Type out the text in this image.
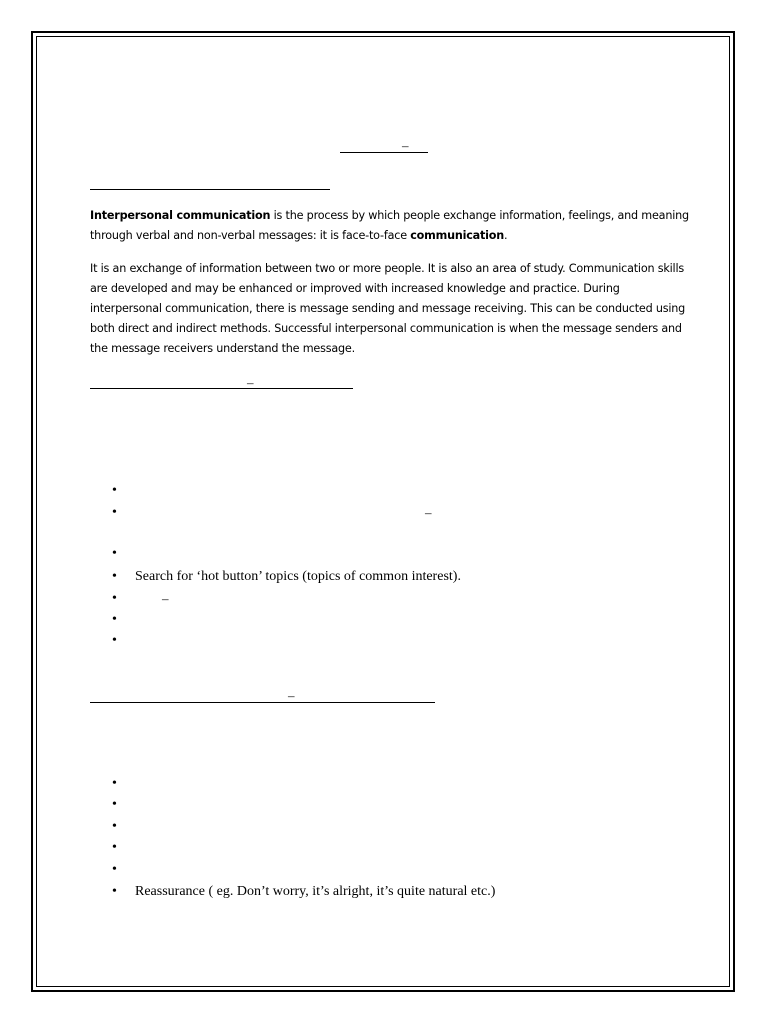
–

Interpersonal communication is the process by which people exchange information, feelings, and meaning through verbal and non-verbal messages: it is face-to-face communication.

It is an exchange of information between two or more people. It is also an area of study. Communication skills are developed and may be enhanced or improved with increased knowledge and practice. During interpersonal communication, there is message sending and message receiving. This can be conducted using both direct and indirect methods. Successful interpersonal communication is when the message senders and the message receivers understand the message.

–
•
•	–
•
• Search for ‘hot button’ topics (topics of common interest).
•	–
•
•
–
•
•
•
•
•
• Reassurance ( eg. Don’t worry, it’s alright, it’s quite natural etc.)
